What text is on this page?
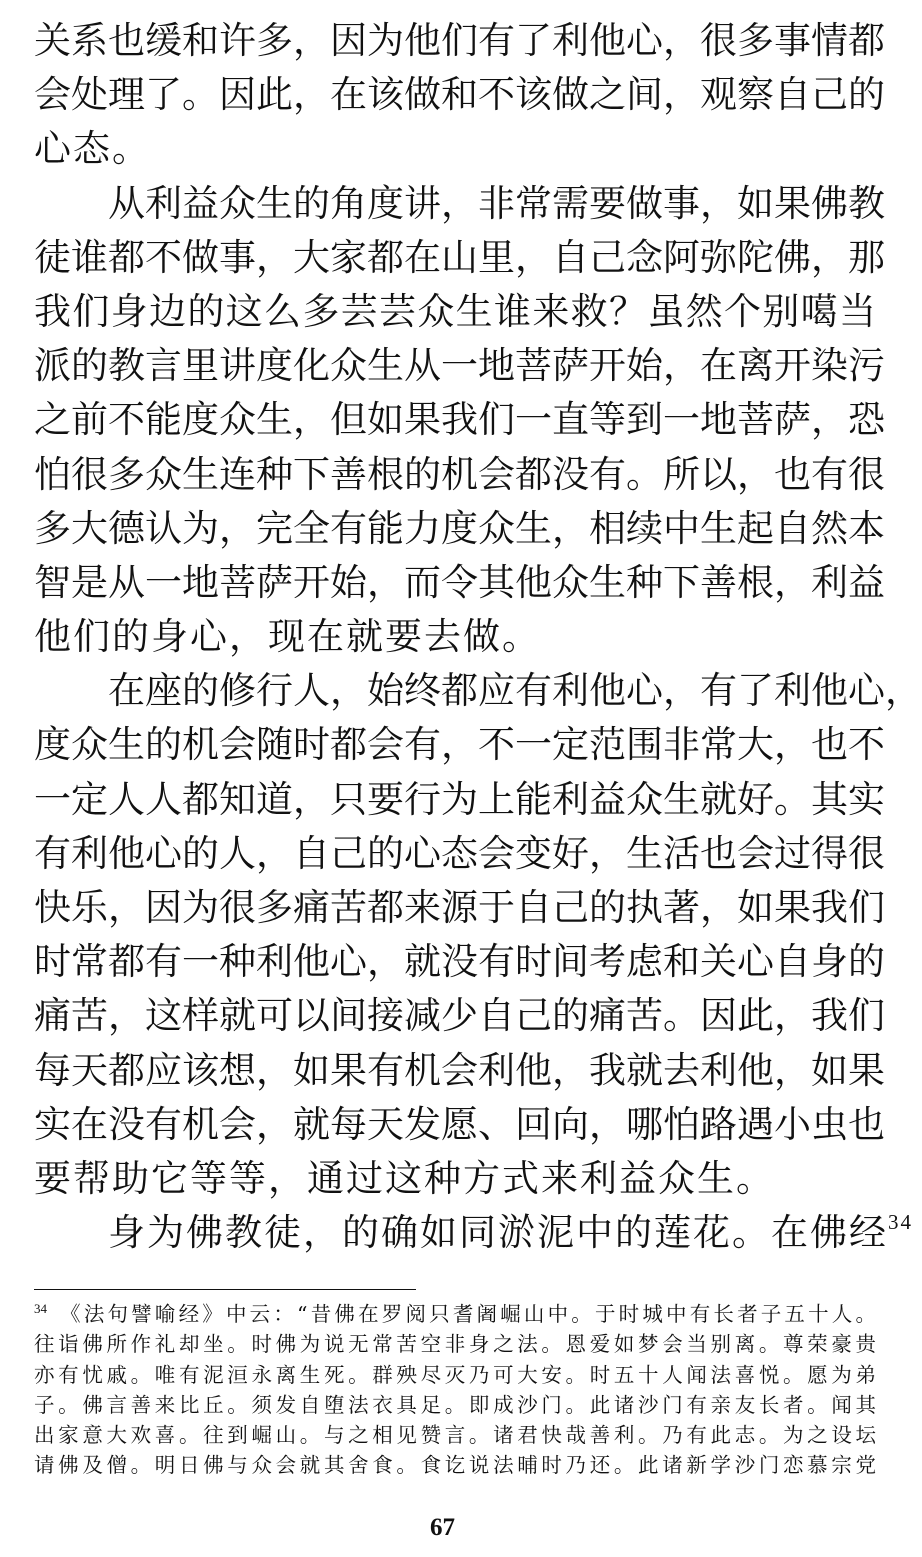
关系也缓和许多，因为他们有了利他心，很多事情都
会处理了。因此，在该做和不该做之间，观察自己的
心态。
从利益众生的角度讲，非常需要做事，如果佛教
徒谁都不做事，大家都在山里，自己念阿弥陀佛，那
我们身边的这么多芸芸众生谁来救？虽然个别噶当
派的教言里讲度化众生从一地菩萨开始，在离开染污
之前不能度众生，但如果我们一直等到一地菩萨，恐
怕很多众生连种下善根的机会都没有。所以，也有很
多大德认为，完全有能力度众生，相续中生起自然本
智是从一地菩萨开始，而令其他众生种下善根，利益
他们的身心，现在就要去做。
在座的修行人，始终都应有利他心，有了利他心，
度众生的机会随时都会有，不一定范围非常大，也不
一定人人都知道，只要行为上能利益众生就好。其实
有利他心的人，自己的心态会变好，生活也会过得很
快乐，因为很多痛苦都来源于自己的执著，如果我们
时常都有一种利他心，就没有时间考虑和关心自身的
痛苦，这样就可以间接减少自己的痛苦。因此，我们
每天都应该想，如果有机会利他，我就去利他，如果
实在没有机会，就每天发愿、回向，哪怕路遇小虫也
要帮助它等等，通过这种方式来利益众生。
身为佛教徒，的确如同淤泥中的莲花。在佛经$^{34}$
$^{34}$ 《法句譬喻经》中云：“昔佛在罗阅只耆阇崛山中。于时城中有长者子五十人。
往诣佛所作礼却坐。时佛为说无常苦空非身之法。恩爱如梦会当别离。尊荣豪贵
亦有忧戚。唯有泥洹永离生死。群殃尽灭乃可大安。时五十人闻法喜悦。愿为弟
子。佛言善来比丘。须发自堕法衣具足。即成沙门。此诸沙门有亲友长者。闻其
出家意大欢喜。往到崛山。与之相见赞言。诸君快哉善利。乃有此志。为之设坛
请佛及僧。明日佛与众会就其舍食。食讫说法晡时乃还。此诸新学沙门恋慕宗党
67
